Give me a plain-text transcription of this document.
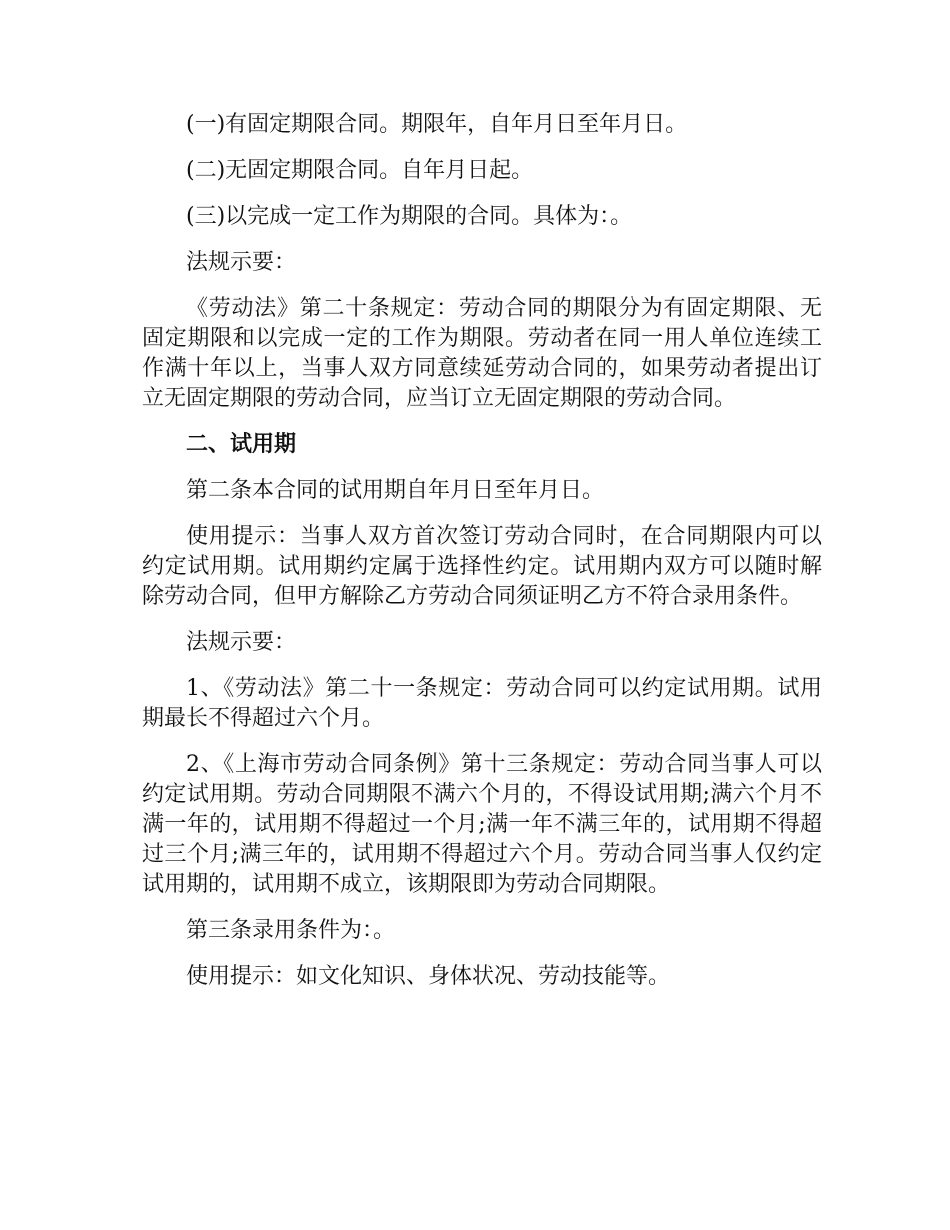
(一)有固定期限合同。期限年，自年月日至年月日。

(二)无固定期限合同。自年月日起。

(三)以完成一定工作为期限的合同。具体为：。

法规示要：

《劳动法》第二十条规定：劳动合同的期限分为有固定期限、无固定期限和以完成一定的工作为期限。劳动者在同一用人单位连续工作满十年以上，当事人双方同意续延劳动合同的，如果劳动者提出订立无固定期限的劳动合同，应当订立无固定期限的劳动合同。

二、试用期

第二条本合同的试用期自年月日至年月日。

使用提示：当事人双方首次签订劳动合同时，在合同期限内可以约定试用期。试用期约定属于选择性约定。试用期内双方可以随时解除劳动合同，但甲方解除乙方劳动合同须证明乙方不符合录用条件。

法规示要：

1、《劳动法》第二十一条规定：劳动合同可以约定试用期。试用期最长不得超过六个月。

2、《上海市劳动合同条例》第十三条规定：劳动合同当事人可以约定试用期。劳动合同期限不满六个月的，不得设试用期;满六个月不满一年的，试用期不得超过一个月;满一年不满三年的，试用期不得超过三个月;满三年的，试用期不得超过六个月。劳动合同当事人仅约定试用期的，试用期不成立，该期限即为劳动合同期限。

第三条录用条件为：。

使用提示：如文化知识、身体状况、劳动技能等。
